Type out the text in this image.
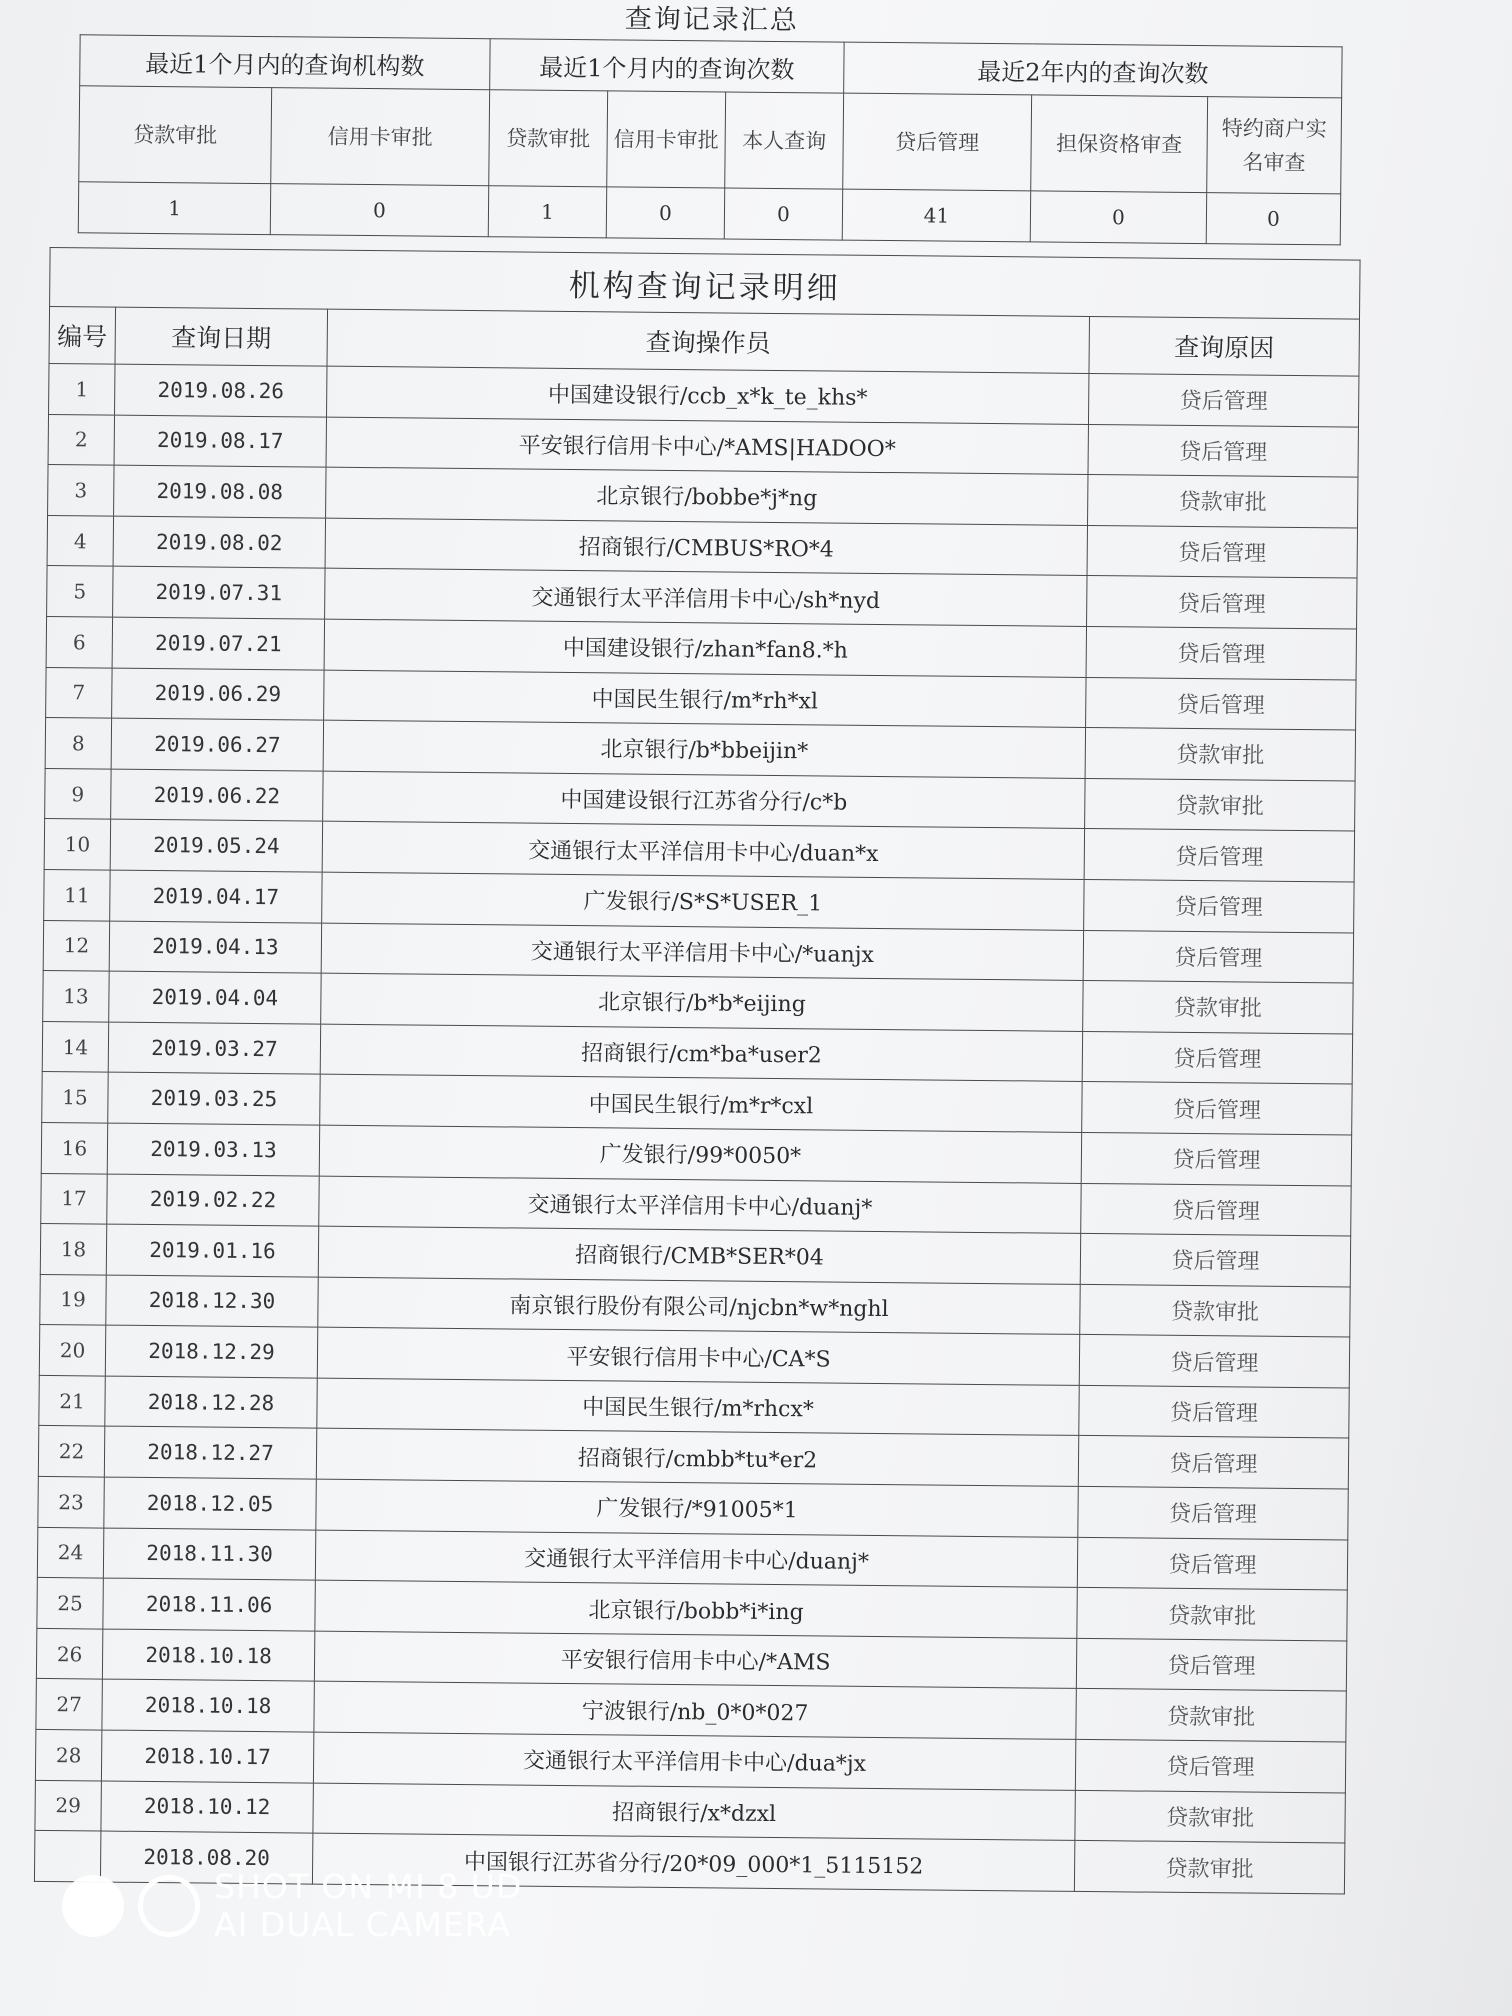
查询记录汇总
最近1个月内的查询机构数		最近1个月内的查询次数			最近2年内的查询次数		
贷款审批	信用卡审批	贷款审批	信用卡审批	本人查询	贷后管理	担保资格审查	特约商户实名审查
1	0	1	0	0	41	0	0
机构查询记录明细			
编号	查询日期	查询操作员	查询原因
1	2019.08.26	中国建设银行/ccb_x*k_te_khs*	贷后管理
2	2019.08.17	平安银行信用卡中心/*AMS|HADOO*	贷后管理
3	2019.08.08	北京银行/bobbe*j*ng	贷款审批
4	2019.08.02	招商银行/CMBUS*RO*4	贷后管理
5	2019.07.31	交通银行太平洋信用卡中心/sh*nyd	贷后管理
6	2019.07.21	中国建设银行/zhan*fan8.*h	贷后管理
7	2019.06.29	中国民生银行/m*rh*xl	贷后管理
8	2019.06.27	北京银行/b*bbeijin*	贷款审批
9	2019.06.22	中国建设银行江苏省分行/c*b	贷款审批
10	2019.05.24	交通银行太平洋信用卡中心/duan*x	贷后管理
11	2019.04.17	广发银行/S*S*USER_1	贷后管理
12	2019.04.13	交通银行太平洋信用卡中心/*uanjx	贷后管理
13	2019.04.04	北京银行/b*b*eijing	贷款审批
14	2019.03.27	招商银行/cm*ba*user2	贷后管理
15	2019.03.25	中国民生银行/m*r*cxl	贷后管理
16	2019.03.13	广发银行/99*0050*	贷后管理
17	2019.02.22	交通银行太平洋信用卡中心/duanj*	贷后管理
18	2019.01.16	招商银行/CMB*SER*04	贷后管理
19	2018.12.30	南京银行股份有限公司/njcbn*w*nghl	贷款审批
20	2018.12.29	平安银行信用卡中心/CA*S	贷后管理
21	2018.12.28	中国民生银行/m*rhcx*	贷后管理
22	2018.12.27	招商银行/cmbb*tu*er2	贷后管理
23	2018.12.05	广发银行/*91005*1	贷后管理
24	2018.11.30	交通银行太平洋信用卡中心/duanj*	贷后管理
25	2018.11.06	北京银行/bobb*i*ing	贷款审批
26	2018.10.18	平安银行信用卡中心/*AMS	贷后管理
27	2018.10.18	宁波银行/nb_0*0*027	贷款审批
28	2018.10.17	交通银行太平洋信用卡中心/dua*jx	贷后管理
29	2018.10.12	招商银行/x*dzxl	贷款审批
	2018.08.20	中国银行江苏省分行/20*09_000*1_5115152	贷款审批
SHOT ON MI 8 UD
AI DUAL CAMERA
